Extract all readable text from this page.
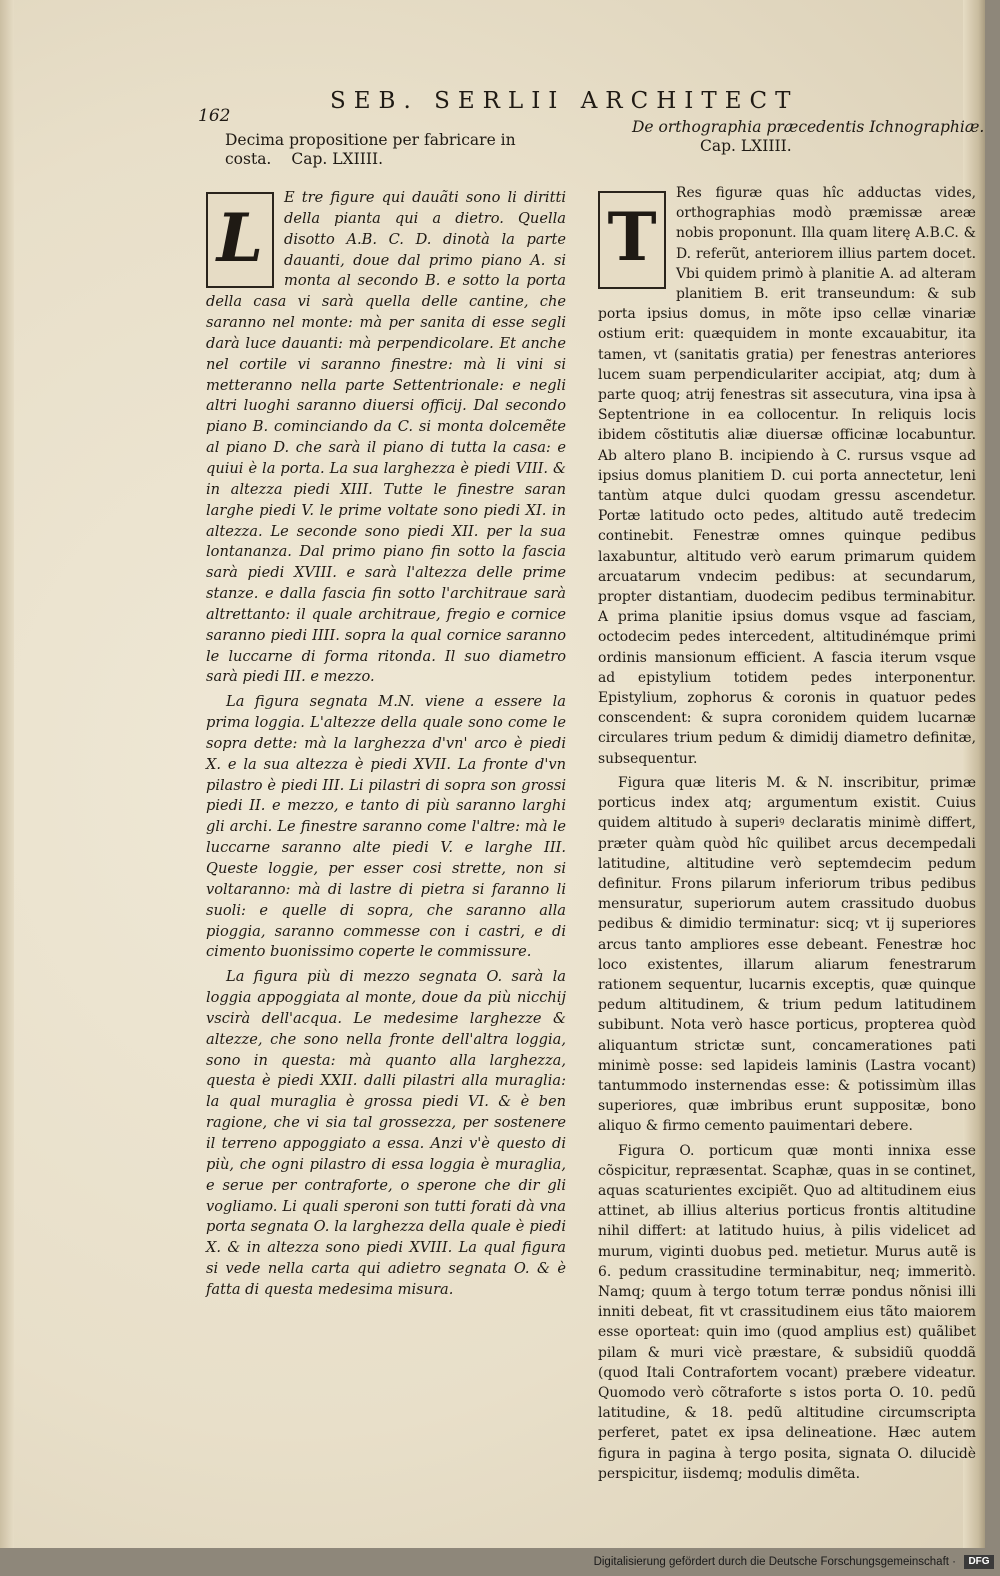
162
SEB. SERLII ARCHITECT
Decima propositione per fabricare in
costa. Cap. LXIIII.
De orthographia præcedentis Ichnographiæ.
Cap. LXIIII.
L

E tre figure qui dauãti sono li diritti della pianta qui a dietro. Quella disotto A.B. C. D. dinotà la parte dauanti, doue dal primo piano A. si monta al secondo B. e sotto la porta della casa vi sarà quella delle cantine, che saranno nel monte: mà per sanita di esse segli darà luce dauanti: mà perpendicolare. Et anche nel cortile vi saranno finestre: mà li vini si metteranno nella parte Settentrionale: e negli altri luoghi saranno diuersi officij. Dal secondo piano B. cominciando da C. si monta dolcemẽte al piano D. che sarà il piano di tutta la casa: e quiui è la porta. La sua larghezza è piedi VIII. & in altezza piedi XIII. Tutte le finestre saran larghe piedi V. le prime voltate sono piedi XI. in altezza. Le seconde sono piedi XII. per la sua lontananza. Dal primo piano fin sotto la fascia sarà piedi XVIII. e sarà l'altezza delle prime stanze. e dalla fascia fin sotto l'architraue sarà altrettanto: il quale architraue, fregio e cornice saranno piedi IIII. sopra la qual cornice saranno le luccarne di forma ritonda. Il suo diametro sarà piedi III. e mezzo.

La figura segnata M.N. viene a essere la prima loggia. L'altezze della quale sono come le sopra dette: mà la larghezza d'vn' arco è piedi X. e la sua altezza è piedi XVII. La fronte d'vn pilastro è piedi III. Li pilastri di sopra son grossi piedi II. e mezzo, e tanto di più saranno larghi gli archi. Le finestre saranno come l'altre: mà le luccarne saranno alte piedi V. e larghe III. Queste loggie, per esser cosi strette, non si voltaranno: mà di lastre di pietra si faranno li suoli: e quelle di sopra, che saranno alla pioggia, saranno commesse con i castri, e di cimento buonissimo coperte le commissure.

La figura più di mezzo segnata O. sarà la loggia appoggiata al monte, doue da più nicchij vscirà dell'acqua. Le medesime larghezze & altezze, che sono nella fronte dell'altra loggia, sono in questa: mà quanto alla larghezza, questa è piedi XXII. dalli pilastri alla muraglia: la qual muraglia è grossa piedi VI. & è ben ragione, che vi sia tal grossezza, per sostenere il terreno appoggiato a essa. Anzi v'è questo di più, che ogni pilastro di essa loggia è muraglia, e serue per contraforte, o sperone che dir gli vogliamo. Li quali speroni son tutti forati dà vna porta segnata O. la larghezza della quale è piedi X. & in altezza sono piedi XVIII. La qual figura si vede nella carta qui adietro segnata O. & è fatta di questa medesima misura.

T

Res figuræ quas hîc adductas vides, orthographias modò præmissæ areæ nobis proponunt. Illa quam literę A.B.C. & D. referũt, anteriorem illius partem docet. Vbi quidem primò à planitie A. ad alteram planitiem B. erit transeundum: & sub porta ipsius domus, in mõte ipso cellæ vinariæ ostium erit: quæquidem in monte excauabitur, ita tamen, vt (sanitatis gratia) per fenestras anteriores lucem suam perpendiculariter accipiat, atq; dum à parte quoq; atrij fenestras sit assecutura, vina ipsa à Septentrione in ea collocentur. In reliquis locis ibidem cõstitutis aliæ diuersæ officinæ locabuntur. Ab altero plano B. incipiendo à C. rursus vsque ad ipsius domus planitiem D. cui porta annectetur, leni tantùm atque dulci quodam gressu ascendetur. Portæ latitudo octo pedes, altitudo autẽ tredecim continebit. Fenestræ omnes quinque pedibus laxabuntur, altitudo verò earum primarum quidem arcuatarum vndecim pedibus: at secundarum, propter distantiam, duodecim pedibus terminabitur. A prima planitie ipsius domus vsque ad fasciam, octodecim pedes intercedent, altitudinémque primi ordinis mansionum efficient. A fascia iterum vsque ad epistylium totidem pedes interponentur. Epistylium, zophorus & coronis in quatuor pedes conscendent: & supra coronidem quidem lucarnæ circulares trium pedum & dimidij diametro definitæ, subsequentur.

Figura quæ literis M. & N. inscribitur, primæ porticus index atq; argumentum existit. Cuius quidem altitudo à superiꝰ declaratis minimè differt, præter quàm quòd hîc quilibet arcus decempedali latitudine, altitudine verò septemdecim pedum definitur. Frons pilarum inferiorum tribus pedibus mensuratur, superiorum autem crassitudo duobus pedibus & dimidio terminatur: sicq; vt ij superiores arcus tanto ampliores esse debeant. Fenestræ hoc loco existentes, illarum aliarum fenestrarum rationem sequentur, lucarnis exceptis, quæ quinque pedum altitudinem, & trium pedum latitudinem subibunt. Nota verò hasce porticus, propterea quòd aliquantum strictæ sunt, concamerationes pati minimè posse: sed lapideis laminis (Lastra vocant) tantummodo insternendas esse: & potissimùm illas superiores, quæ imbribus erunt suppositæ, bono aliquo & firmo cemento pauimentari debere.

Figura O. porticum quæ monti innixa esse cõspicitur, repræsentat. Scaphæ, quas in se continet, aquas scaturientes excipiẽt. Quo ad altitudinem eius attinet, ab illius alterius porticus frontis altitudine nihil differt: at latitudo huius, à pilis videlicet ad murum, viginti duobus ped. metietur. Murus autẽ is 6. pedum crassitudine terminabitur, neq; immeritò. Namq; quum à tergo totum terræ pondus nõnisi illi inniti debeat, fit vt crassitudinem eius tãto maiorem esse oporteat: quin imo (quod amplius est) quãlibet pilam & muri vicè præstare, & subsidiũ quoddã (quod Itali Contrafortem vocant) præbere videatur. Quomodo verò cõtraforte s istos porta O. 10. pedũ latitudine, & 18. pedũ altitudine circumscripta perferet, patet ex ipsa delineatione. Hæc autem figura in pagina à tergo posita, signata O. dilucidè perspicitur, iisdemq; modulis dimẽta.

Digitalisierung gefördert durch die Deutsche Forschungsgemeinschaft ·	DFG
